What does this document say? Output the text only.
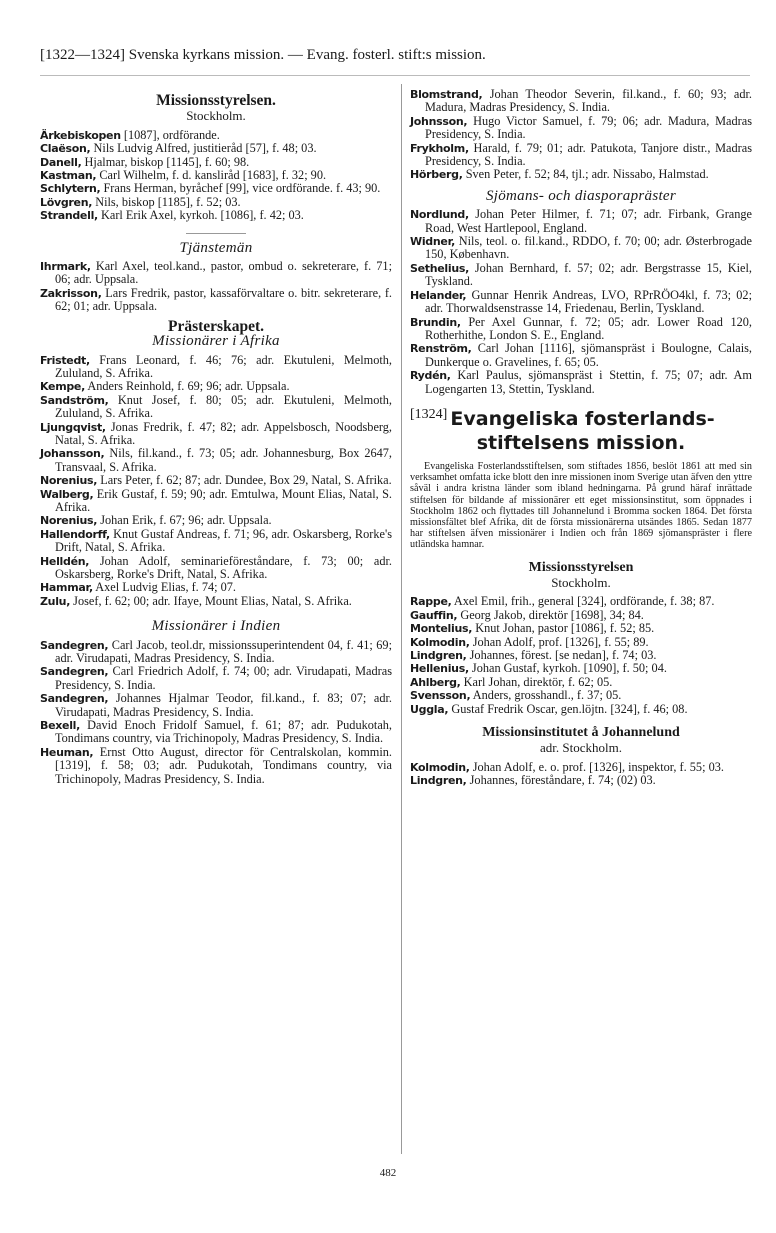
[1322—1324] Svenska kyrkans mission. — Evang. fosterl. stift:s mission.
Missionsstyrelsen.
Stockholm.

Ärkebiskopen [1087], ordförande.

Claëson, Nils Ludvig Alfred, justitieråd [57], f. 48; 03.

Danell, Hjalmar, biskop [1145], f. 60; 98.

Kastman, Carl Wilhelm, f. d. kansliråd [1683], f. 32; 90.

Schlytern, Frans Herman, byråchef [99], vice ordförande. f. 43; 90.

Lövgren, Nils, biskop [1185], f. 52; 03.

Strandell, Karl Erik Axel, kyrkoh. [1086], f. 42; 03.

Tjänstemän

Ihrmark, Karl Axel, teol.kand., pastor, ombud o. sekreterare, f. 71; 06; adr. Uppsala.

Zakrisson, Lars Fredrik, pastor, kassaförvaltare o. bitr. sekreterare, f. 62; 01; adr. Uppsala.

Prästerskapet.
Missionärer i Afrika

Fristedt, Frans Leonard, f. 46; 76; adr. Ekutuleni, Melmoth, Zululand, S. Afrika.

Kempe, Anders Reinhold, f. 69; 96; adr. Uppsala.

Sandström, Knut Josef, f. 80; 05; adr. Ekutuleni, Melmoth, Zululand, S. Afrika.

Ljungqvist, Jonas Fredrik, f. 47; 82; adr. Appelsbosch, Noodsberg, Natal, S. Afrika.

Johansson, Nils, fil.kand., f. 73; 05; adr. Johannesburg, Box 2647, Transvaal, S. Afrika.

Norenius, Lars Peter, f. 62; 87; adr. Dundee, Box 29, Natal, S. Afrika.

Walberg, Erik Gustaf, f. 59; 90; adr. Emtulwa, Mount Elias, Natal, S. Afrika.

Norenius, Johan Erik, f. 67; 96; adr. Uppsala.

Hallendorff, Knut Gustaf Andreas, f. 71; 96, adr. Oskarsberg, Rorke's Drift, Natal, S. Afrika.

Helldén, Johan Adolf, seminarieföreståndare, f. 73; 00; adr. Oskarsberg, Rorke's Drift, Natal, S. Afrika.

Hammar, Axel Ludvig Elias, f. 74; 07.

Zulu, Josef, f. 62; 00; adr. Ifaye, Mount Elias, Natal, S. Afrika.

Missionärer i Indien

Sandegren, Carl Jacob, teol.dr, missionssuperintendent 04, f. 41; 69; adr. Virudapati, Madras Presidency, S. India.

Sandegren, Carl Friedrich Adolf, f. 74; 00; adr. Virudapati, Madras Presidency, S. India.

Sandegren, Johannes Hjalmar Teodor, fil.kand., f. 83; 07; adr. Virudapati, Madras Presidency, S. India.

Bexell, David Enoch Fridolf Samuel, f. 61; 87; adr. Pudukotah, Tondimans country, via Trichinopoly, Madras Presidency, S. India.

Heuman, Ernst Otto August, director för Centralskolan, kommin. [1319], f. 58; 03; adr. Pudukotah, Tondimans country, via Trichinopoly, Madras Presidency, S. India.

Blomstrand, Johan Theodor Severin, fil.kand., f. 60; 93; adr. Madura, Madras Presidency, S. India.

Johnsson, Hugo Victor Samuel, f. 79; 06; adr. Madura, Madras Presidency, S. India.

Frykholm, Harald, f. 79; 01; adr. Patukota, Tanjore distr., Madras Presidency, S. India.

Hörberg, Sven Peter, f. 52; 84, tjl.; adr. Nissabo, Halmstad.

Sjömans- och diasporapräster

Nordlund, Johan Peter Hilmer, f. 71; 07; adr. Firbank, Grange Road, West Hartlepool, England.

Widner, Nils, teol. o. fil.kand., RDDO, f. 70; 00; adr. Østerbrogade 150, København.

Sethelius, Johan Bernhard, f. 57; 02; adr. Bergstrasse 15, Kiel, Tyskland.

Helander, Gunnar Henrik Andreas, LVO, RPrRÖO4kl, f. 73; 02; adr. Thorwaldsenstrasse 14, Friedenau, Berlin, Tyskland.

Brundin, Per Axel Gunnar, f. 72; 05; adr. Lower Road 120, Rotherhithe, London S. E., England.

Renström, Carl Johan [1116], sjömanspräst i Boulogne, Calais, Dunkerque o. Gravelines, f. 65; 05.

Rydén, Karl Paulus, sjömanspräst i Stettin, f. 75; 07; adr. Am Logengarten 13, Stettin, Tyskland.

[1324] Evangeliska fosterlands-
stiftelsens mission.

Evangeliska Fosterlandsstiftelsen, som stiftades 1856, beslöt 1861 att med sin verksamhet omfatta icke blott den inre missionen inom Sverige utan äfven den yttre såväl i andra kristna länder som ibland hedningarna. På grund häraf inrättade stiftelsen för bildande af missionärer ett eget missionsinstitut, som öppnades i Stockholm 1862 och flyttades till Johannelund i Bromma socken 1864. Det första missionsfältet blef Afrika, dit de första missionärerna utsändes 1865. Sedan 1877 har stiftelsen äfven missionärer i Indien och från 1869 sjömanspräster i flere utländska hamnar.

Missionsstyrelsen
Stockholm.

Rappe, Axel Emil, frih., general [324], ordförande, f. 38; 87.

Gauffin, Georg Jakob, direktör [1698], 34; 84.

Montelius, Knut Johan, pastor [1086], f. 52; 85.

Kolmodin, Johan Adolf, prof. [1326], f. 55; 89.

Lindgren, Johannes, förest. [se nedan], f. 74; 03.

Hellenius, Johan Gustaf, kyrkoh. [1090], f. 50; 04.

Ahlberg, Karl Johan, direktör, f. 62; 05.

Svensson, Anders, grosshandl., f. 37; 05.

Uggla, Gustaf Fredrik Oscar, gen.löjtn. [324], f. 46; 08.

Missionsinstitutet å Johannelund
adr. Stockholm.

Kolmodin, Johan Adolf, e. o. prof. [1326], inspektor, f. 55; 03.

Lindgren, Johannes, föreståndare, f. 74; (02) 03.

482
